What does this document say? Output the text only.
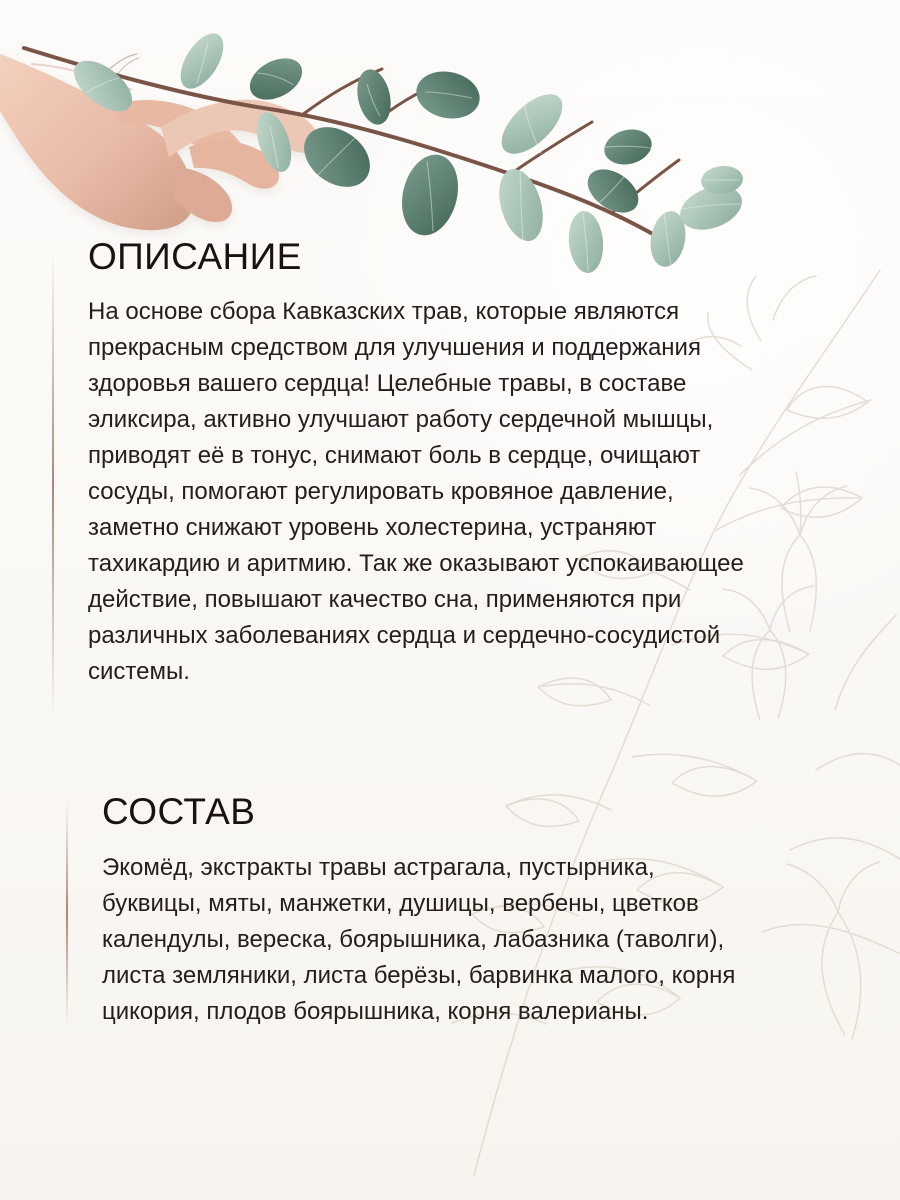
ОПИСАНИЕ
На основе сбора Кавказских трав, которые являются
прекрасным средством для улучшения и поддержания
здоровья вашего сердца! Целебные травы, в составе
эликсира, активно улучшают работу сердечной мышцы,
приводят её в тонус, снимают боль в сердце, очищают
сосуды, помогают регулировать кровяное давление,
заметно снижают уровень холестерина, устраняют
тахикардию и аритмию. Так же оказывают успокаивающее
действие, повышают качество сна, применяются при
различных заболеваниях сердца и сердечно-сосудистой
системы.
СОСТАВ
Экомёд, экстракты травы астрагала, пустырника,
буквицы, мяты, манжетки, душицы, вербены, цветков
календулы, вереска, боярышника, лабазника (таволги),
листа земляники, листа берёзы, барвинка малого, корня
цикория, плодов боярышника, корня валерианы.
